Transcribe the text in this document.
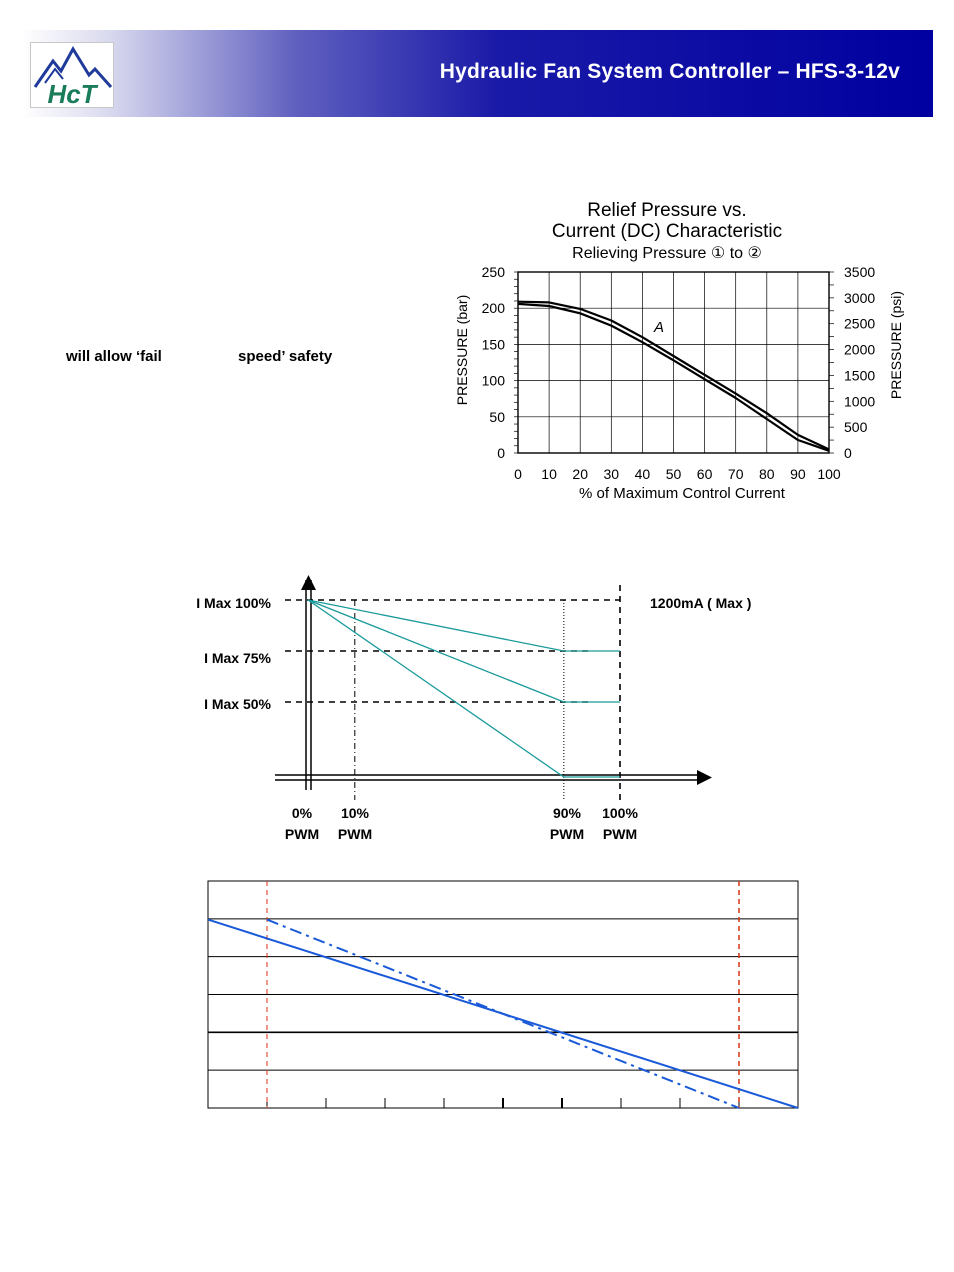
HcT
Hydraulic Fan System Controller – HFS-3-12v
will allow ‘fail	speed’ safety
Relief Pressure vs.
Current (DC) Characteristic
Relieving Pressure ① to ②
0
50
100
150
200
250
0
500
1000
1500
2000
2500
3000
3500
0 10 20 30 40 50 60 70 80 90 100
A
% of Maximum Control Current
PRESSURE (bar)	PRESSURE (psi)
I Max 100%
I Max 75%
I Max 50%
1200mA ( Max )
0%
PWM
10%
PWM
90%
PWM
100%
PWM
